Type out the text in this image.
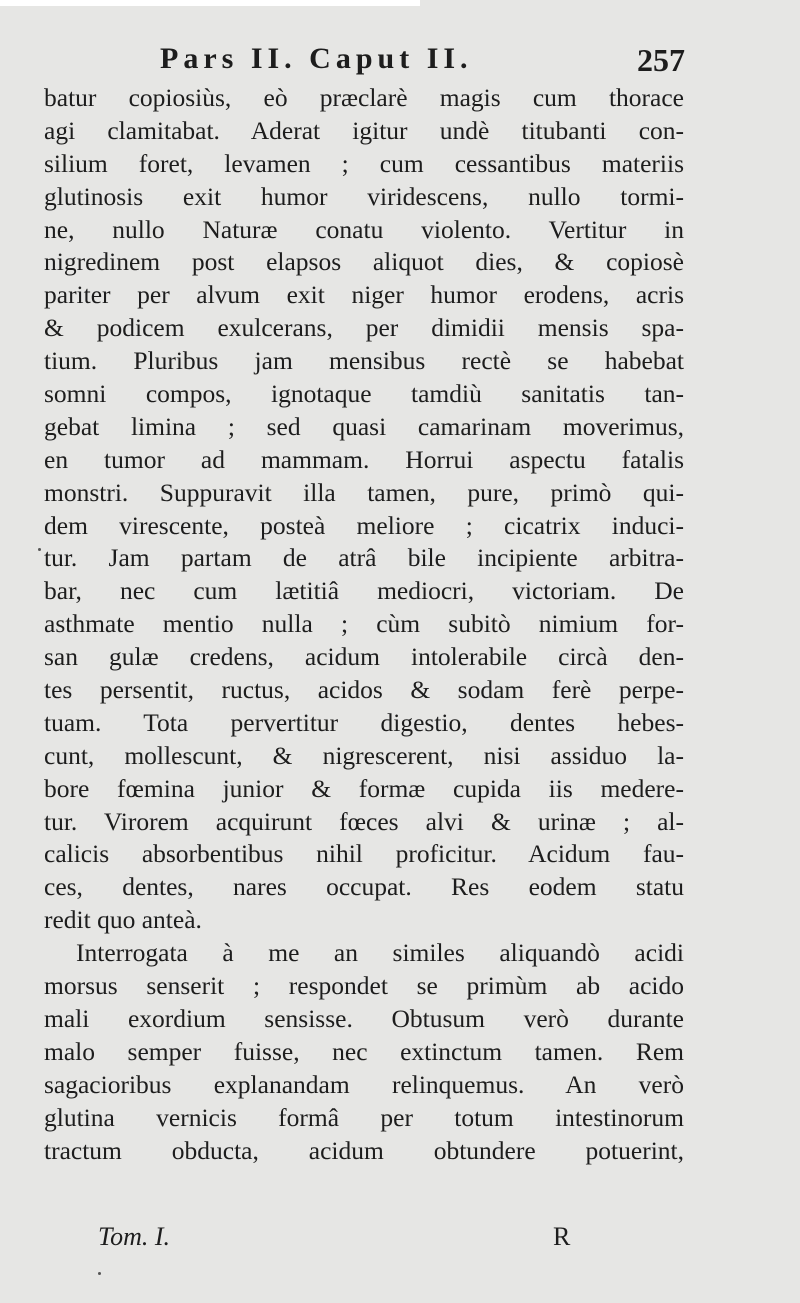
Pars II. Caput II.	257
batur copiosiùs, eò præclarè magis cum thorace
agi clamitabat. Aderat igitur undè titubanti con-
silium foret, levamen ; cum cessantibus materiis
glutinosis exit humor viridescens, nullo tormi-
ne, nullo Naturæ conatu violento. Vertitur in
nigredinem post elapsos aliquot dies, & copiosè
pariter per alvum exit niger humor erodens, acris
& podicem exulcerans, per dimidii mensis spa-
tium. Pluribus jam mensibus rectè se habebat
somni compos, ignotaque tamdiù sanitatis tan-
gebat limina ; sed quasi camarinam moverimus,
en tumor ad mammam. Horrui aspectu fatalis
monstri. Suppuravit illa tamen, pure, primò qui-
dem virescente, posteà meliore ; cicatrix induci-
tur. Jam partam de atrâ bile incipiente arbitra-
bar, nec cum lætitiâ mediocri, victoriam. De
asthmate mentio nulla ; cùm subitò nimium for-
san gulæ credens, acidum intolerabile circà den-
tes persentit, ructus, acidos & sodam ferè perpe-
tuam. Tota pervertitur digestio, dentes hebes-
cunt, mollescunt, & nigrescerent, nisi assiduo la-
bore fœmina junior & formæ cupida iis medere-
tur. Virorem acquirunt fœces alvi & urinæ ; al-
calicis absorbentibus nihil proficitur. Acidum fau-
ces, dentes, nares occupat. Res eodem statu
redit quo anteà.
Interrogata à me an similes aliquandò acidi
morsus senserit ; respondet se primùm ab acido
mali exordium sensisse. Obtusum verò durante
malo semper fuisse, nec extinctum tamen. Rem
sagacioribus explanandam relinquemus. An verò
glutina vernicis formâ per totum intestinorum
tractum obducta, acidum obtundere potuerint,
Tom. I.	R
